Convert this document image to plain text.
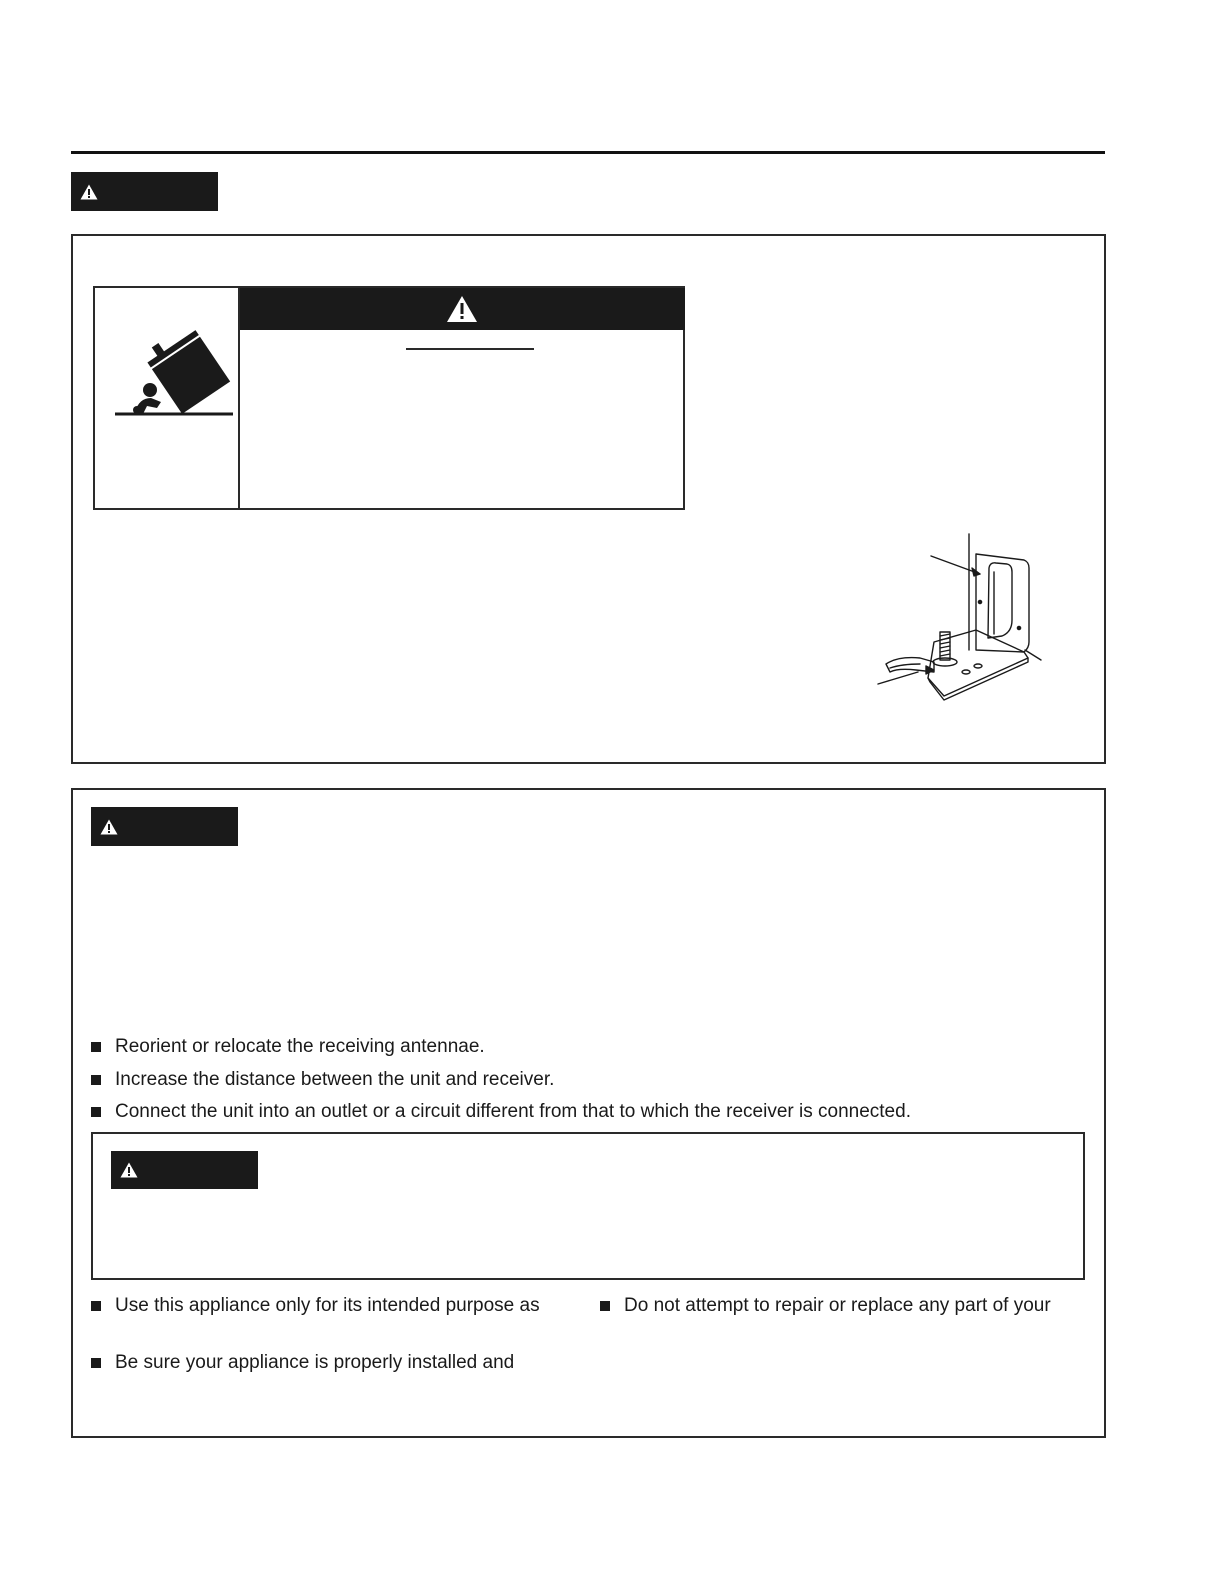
Reorient or relocate the receiving antennae.
Increase the distance between the unit and receiver.
Connect the unit into an outlet or a circuit different from that to which the receiver is connected.
Use this appliance only for its intended purpose as	Do not attempt to repair or replace any part of your
Be sure your appliance is properly installed and
